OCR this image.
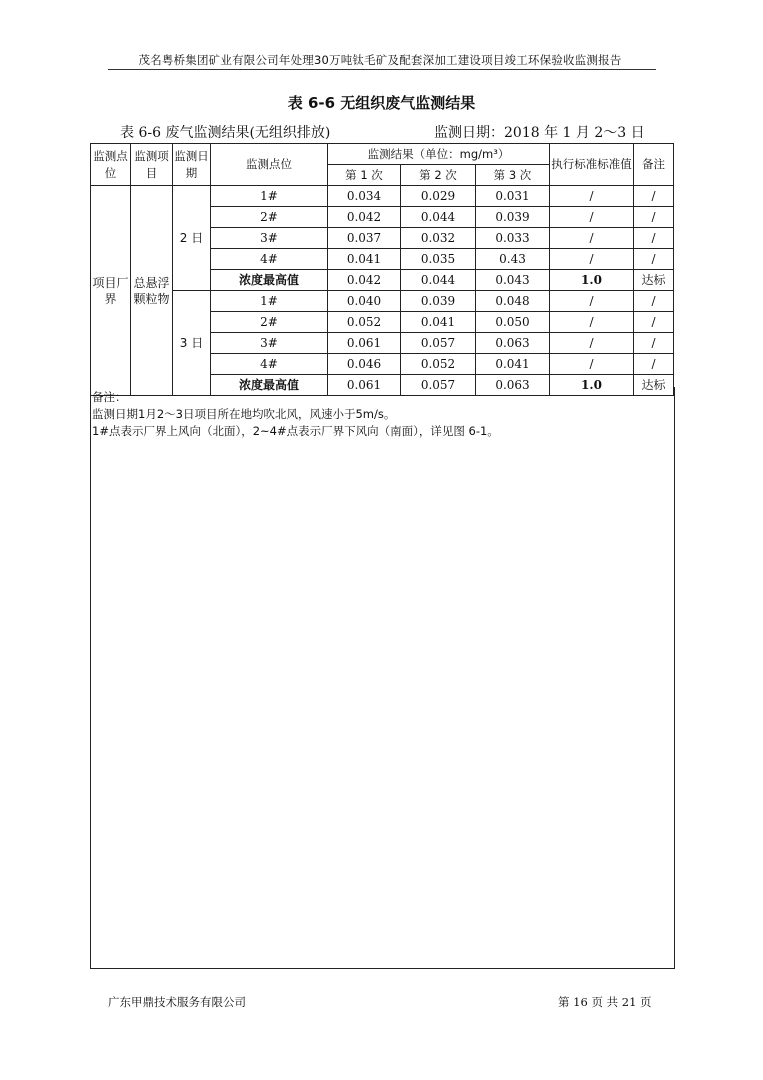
茂名粤桥集团矿业有限公司年处理30万吨钛毛矿及配套深加工建设项目竣工环保验收监测报告
表 6-6 无组织废气监测结果
表 6-6 废气监测结果(无组织排放)	监测日期：2018 年 1 月 2～3 日
监测点位	监测项目	监测日期	监测点位	监测结果（单位：mg/m³）			执行标准标准值	备注
				第 1 次	第 2 次	第 3 次		
项目厂界	总悬浮颗粒物	2 日	1#	0.034	0.029	0.031	/	/
			2#	0.042	0.044	0.039	/	/
			3#	0.037	0.032	0.033	/	/
			4#	0.041	0.035	0.43	/	/
			浓度最高值	0.042	0.044	0.043	1.0	达标
		3 日	1#	0.040	0.039	0.048	/	/
			2#	0.052	0.041	0.050	/	/
			3#	0.061	0.057	0.063	/	/
			4#	0.046	0.052	0.041	/	/
			浓度最高值	0.061	0.057	0.063	1.0	达标
备注：
监测日期1月2～3日项目所在地均吹北风，风速小于5m/s。
1#点表示厂界上风向（北面），2~4#点表示厂界下风向（南面），详见图 6-1。
广东甲鼎技术服务有限公司	第 16 页 共 21 页
